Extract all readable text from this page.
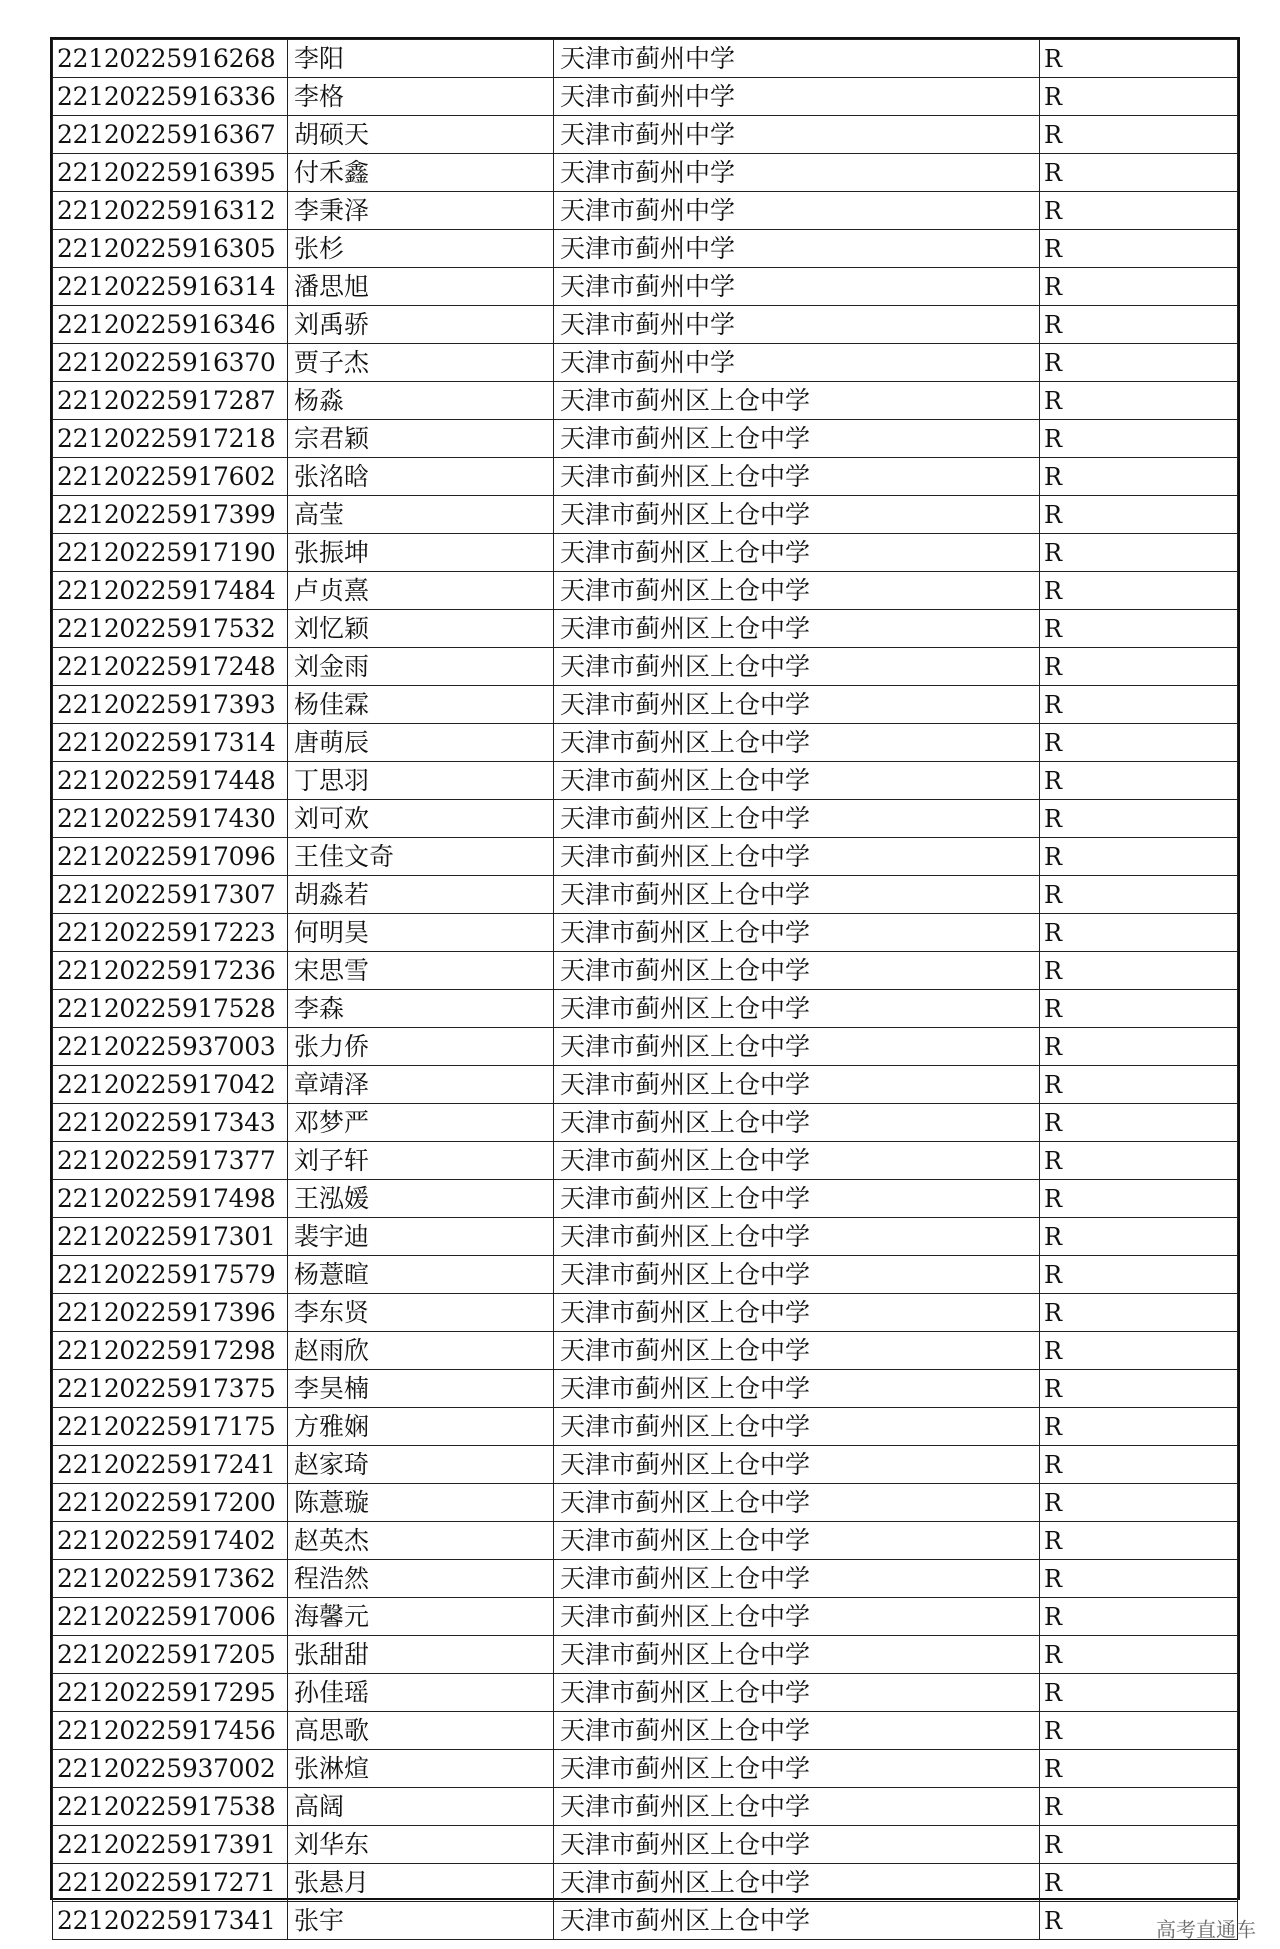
22120225916268	李阳	天津市蓟州中学	R
22120225916336	李格	天津市蓟州中学	R
22120225916367	胡硕天	天津市蓟州中学	R
22120225916395	付禾鑫	天津市蓟州中学	R
22120225916312	李秉泽	天津市蓟州中学	R
22120225916305	张杉	天津市蓟州中学	R
22120225916314	潘思旭	天津市蓟州中学	R
22120225916346	刘禹骄	天津市蓟州中学	R
22120225916370	贾子杰	天津市蓟州中学	R
22120225917287	杨淼	天津市蓟州区上仓中学	R
22120225917218	宗君颖	天津市蓟州区上仓中学	R
22120225917602	张洺晗	天津市蓟州区上仓中学	R
22120225917399	高莹	天津市蓟州区上仓中学	R
22120225917190	张振坤	天津市蓟州区上仓中学	R
22120225917484	卢贞熹	天津市蓟州区上仓中学	R
22120225917532	刘忆颖	天津市蓟州区上仓中学	R
22120225917248	刘金雨	天津市蓟州区上仓中学	R
22120225917393	杨佳霖	天津市蓟州区上仓中学	R
22120225917314	唐萌辰	天津市蓟州区上仓中学	R
22120225917448	丁思羽	天津市蓟州区上仓中学	R
22120225917430	刘可欢	天津市蓟州区上仓中学	R
22120225917096	王佳文奇	天津市蓟州区上仓中学	R
22120225917307	胡淼若	天津市蓟州区上仓中学	R
22120225917223	何明昊	天津市蓟州区上仓中学	R
22120225917236	宋思雪	天津市蓟州区上仓中学	R
22120225917528	李森	天津市蓟州区上仓中学	R
22120225937003	张力侨	天津市蓟州区上仓中学	R
22120225917042	章靖泽	天津市蓟州区上仓中学	R
22120225917343	邓梦严	天津市蓟州区上仓中学	R
22120225917377	刘子轩	天津市蓟州区上仓中学	R
22120225917498	王泓媛	天津市蓟州区上仓中学	R
22120225917301	裴宇迪	天津市蓟州区上仓中学	R
22120225917579	杨薏暄	天津市蓟州区上仓中学	R
22120225917396	李东贤	天津市蓟州区上仓中学	R
22120225917298	赵雨欣	天津市蓟州区上仓中学	R
22120225917375	李昊楠	天津市蓟州区上仓中学	R
22120225917175	方雅娴	天津市蓟州区上仓中学	R
22120225917241	赵家琦	天津市蓟州区上仓中学	R
22120225917200	陈薏璇	天津市蓟州区上仓中学	R
22120225917402	赵英杰	天津市蓟州区上仓中学	R
22120225917362	程浩然	天津市蓟州区上仓中学	R
22120225917006	海馨元	天津市蓟州区上仓中学	R
22120225917205	张甜甜	天津市蓟州区上仓中学	R
22120225917295	孙佳瑶	天津市蓟州区上仓中学	R
22120225917456	高思歌	天津市蓟州区上仓中学	R
22120225937002	张淋煊	天津市蓟州区上仓中学	R
22120225917538	高阔	天津市蓟州区上仓中学	R
22120225917391	刘华东	天津市蓟州区上仓中学	R
22120225917271	张悬月	天津市蓟州区上仓中学	R
22120225917341	张宇	天津市蓟州区上仓中学	R	高考直通车
